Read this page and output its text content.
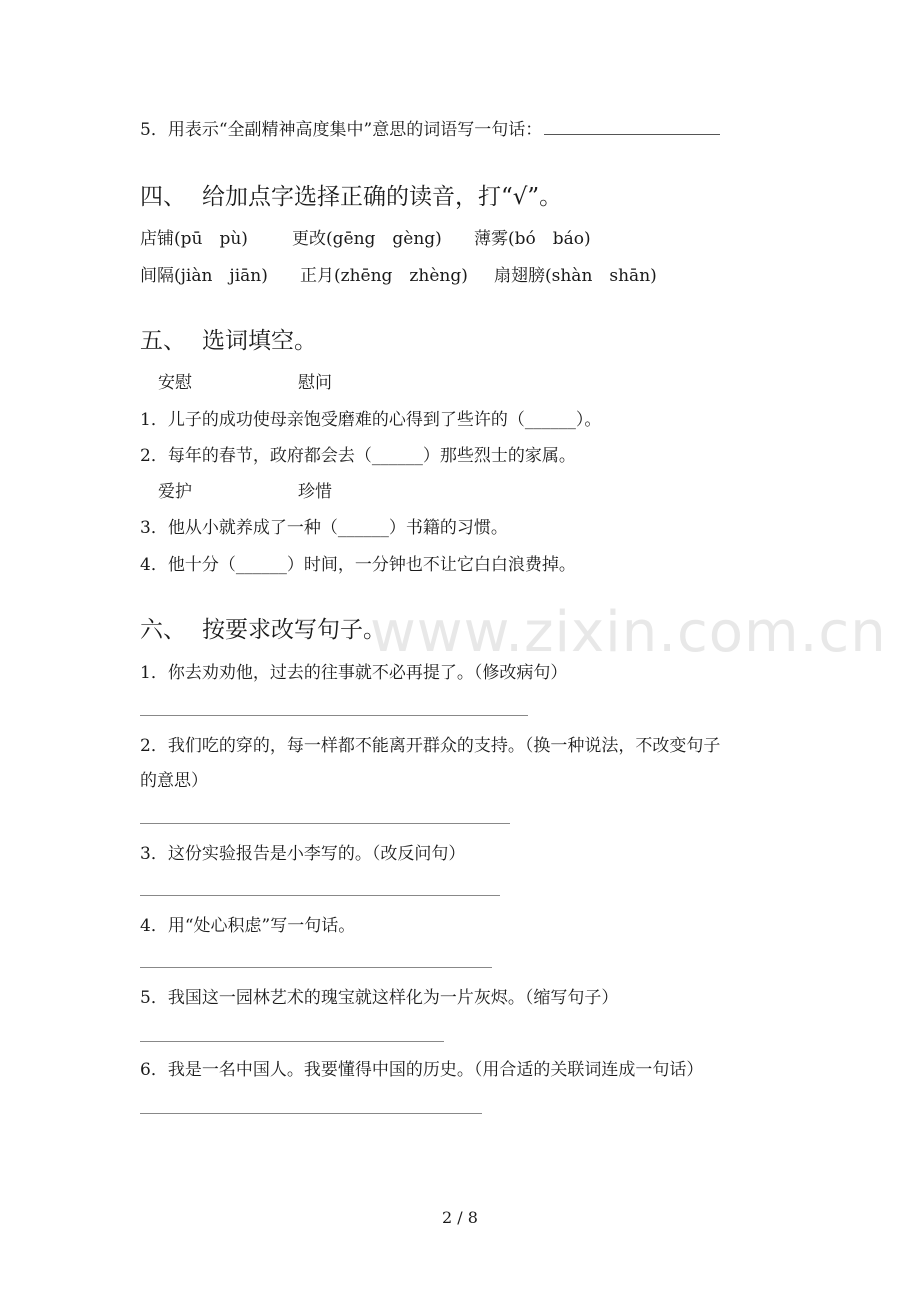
www.zixin.com.cn
5．用表示“全副精神高度集中”意思的词语写一句话：
四、 给加点字选择正确的读音，打“√”。
店铺(pū　pù)	更改(gēng　gèng) 薄雾(bó　báo)
间隔(jiàn　jiān) 正月(zhēng　zhèng) 扇翅膀(shàn　shān)
五、 选词填空。
安慰	慰问
1．儿子的成功使母亲饱受磨难的心得到了些许的（______）。
2．每年的春节，政府都会去（______）那些烈士的家属。
爱护	珍惜
3．他从小就养成了一种（______）书籍的习惯。
4．他十分（______）时间，一分钟也不让它白白浪费掉。
六、 按要求改写句子。
1．你去劝劝他，过去的往事就不必再提了。（修改病句）
2．我们吃的穿的，每一样都不能离开群众的支持。（换一种说法，不改变句子
的意思）
3．这份实验报告是小李写的。（改反问句）
4．用“处心积虑”写一句话。
5．我国这一园林艺术的瑰宝就这样化为一片灰烬。（缩写句子）
6．我是一名中国人。我要懂得中国的历史。（用合适的关联词连成一句话）
2 / 8
